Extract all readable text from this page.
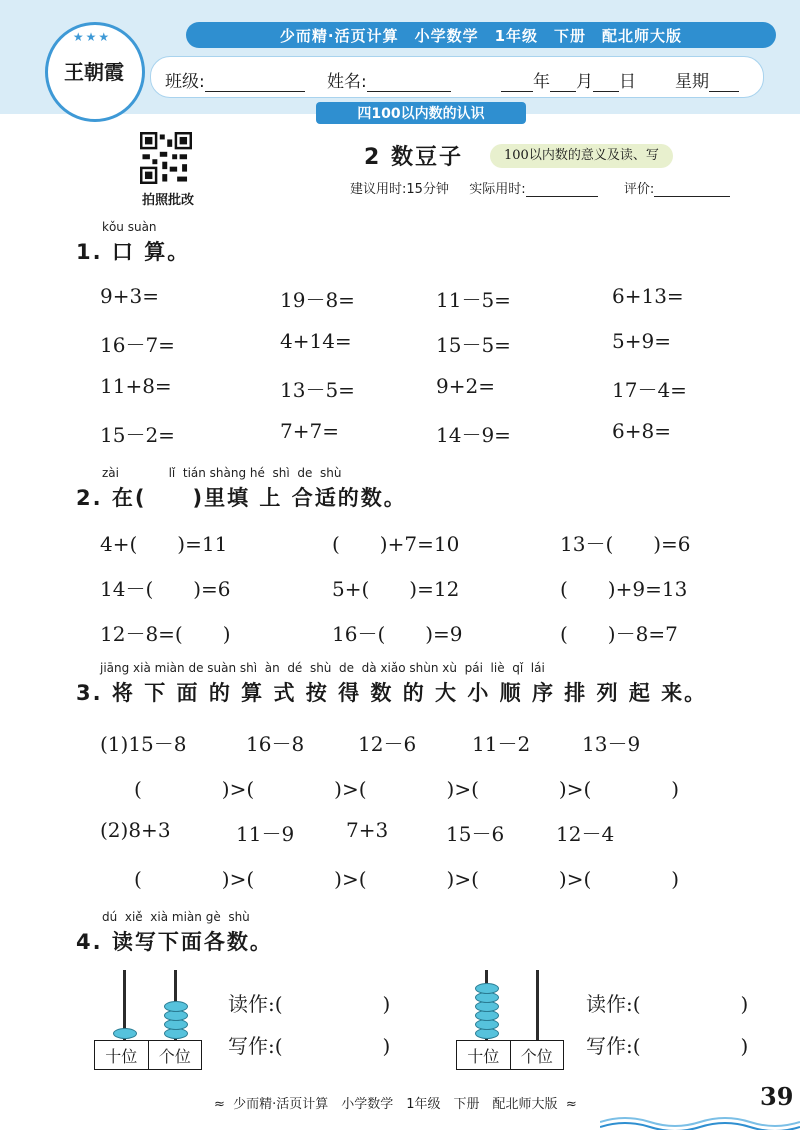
少而精·活页计算　小学数学　1年级　下册　配北师大版
★★★
王朝霞	班级:	姓名:	年 月 日 星期
四 100以内数的认识
拍照批改
2 数豆子	100以内数的意义及读、写
建议用时:15分钟 实际用时:	评价:
kǒu suàn
1. 口 算。
9+3=	19－8=	11－5=	6+13=
16－7=	4+14=	15－5=	5+9=
11+8=	13－5=	9+2=	17－4=
15－2=	7+7=	14－9=	6+8=
zài             lǐ  tián shàng hé  shì  de  shù
2. 在(　　)里填 上 合适的数。
4+(　　)=11	(　　)+7=10	13－(　　)=6
14－(　　)=6	5+(　　)=12	(　　)+9=13
12－8=(　　)	16－(　　)=9	(　　)－8=7
jiāng xià miàn de suàn shì  àn  dé  shù  de  dà xiǎo shùn xù  pái  liè  qǐ  lái
3. 将 下 面 的 算 式 按 得 数 的 大 小 顺 序 排 列 起 来。
(1)15－8	16－8	12－6	11－2	13－9
(　　　　)>(　　　　)>(　　　　)>(　　　　)>(　　　　)
(2)8+3	11－9	7+3	15－6	12－4
(　　　　)>(　　　　)>(　　　　)>(　　　　)>(　　　　)
dú  xiě  xià miàn gè  shù
4. 读写下面各数。
十位	个位
读作:(　　　　　)
写作:(　　　　　)	十位	个位
读作:(　　　　　)
写作:(　　　　　)
≈  少而精·活页计算　小学数学　1年级　下册　配北师大版  ≈	39
